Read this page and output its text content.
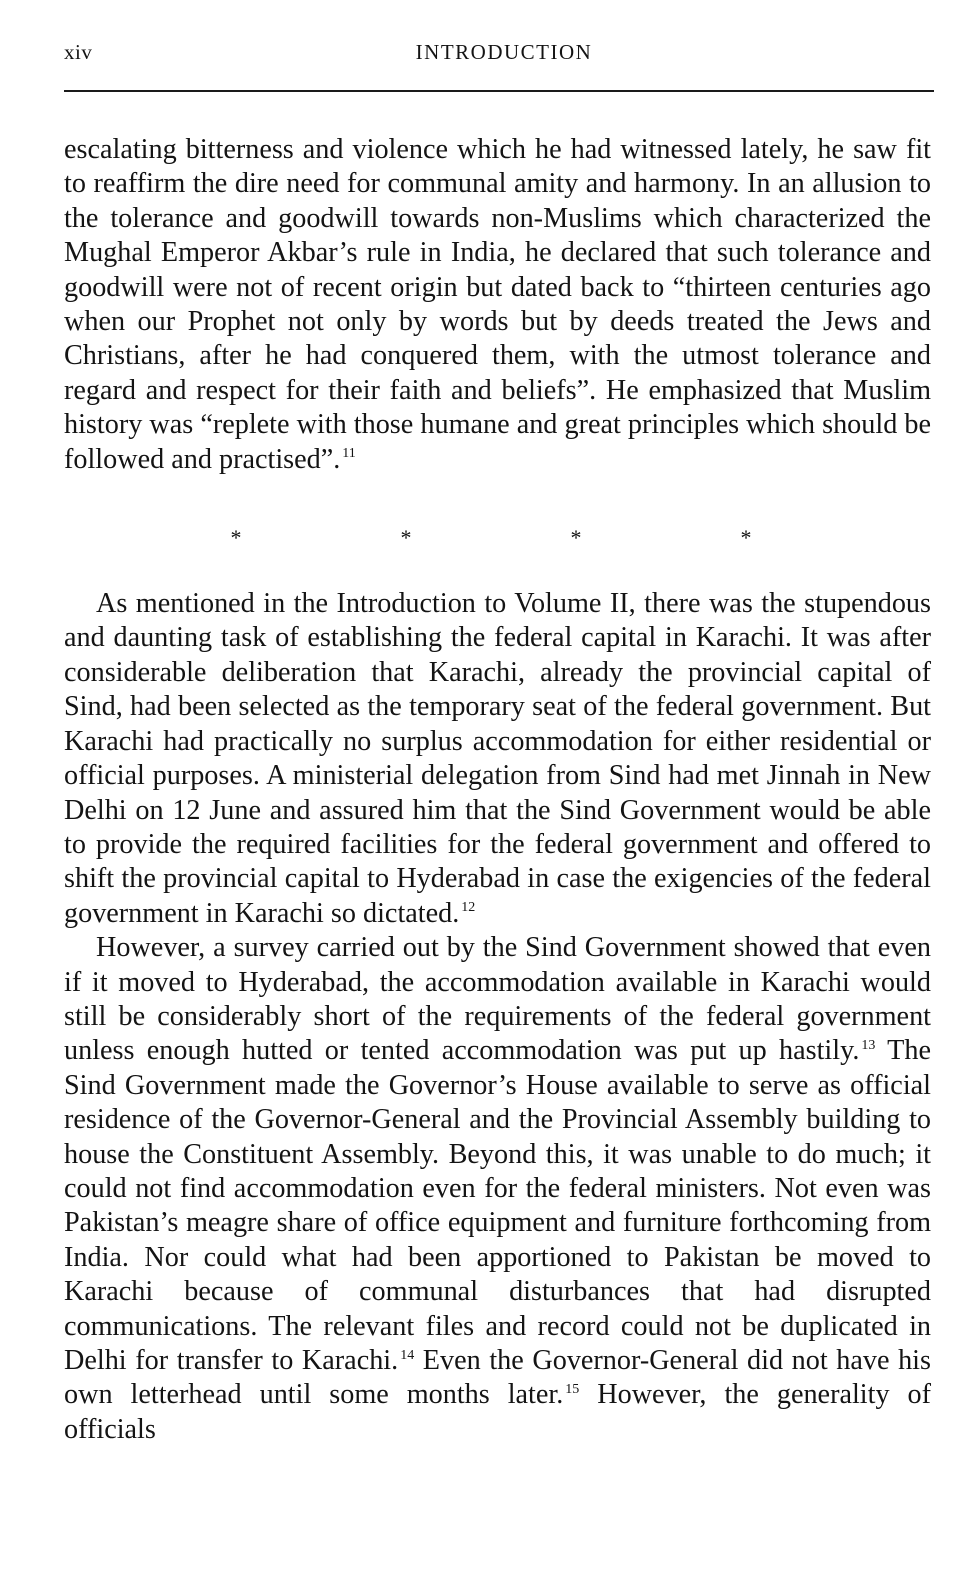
xiv	INTRODUCTION

escalating bitterness and violence which he had witnessed lately, he saw fit to reaffirm the dire need for communal amity and harmony. In an allusion to the tolerance and goodwill towards non-Muslims which characterized the Mughal Emperor Akbar’s rule in India, he declared that such tolerance and goodwill were not of recent origin but dated back to “thirteen centuries ago when our Prophet not only by words but by deeds treated the Jews and Christians, after he had conquered them, with the utmost tolerance and regard and respect for their faith and beliefs”. He emphasized that Muslim history was “replete with those humane and great principles which should be followed and practised”. $^{11}$

*	*	*	*

As mentioned in the Introduction to Volume II, there was the stupendous and daunting task of establishing the federal capital in Karachi. It was after considerable deliberation that Karachi, already the provincial capital of Sind, had been selected as the temporary seat of the federal government. But Karachi had practically no surplus accommodation for either residential or official purposes. A ministerial delegation from Sind had met Jinnah in New Delhi on 12 June and assured him that the Sind Government would be able to provide the required facilities for the federal government and offered to shift the provincial capital to Hyderabad in case the exigencies of the federal government in Karachi so dictated. $^{12}$

However, a survey carried out by the Sind Government showed that even if it moved to Hyderabad, the accommodation available in Karachi would still be considerably short of the requirements of the federal government unless enough hutted or tented accommodation was put up hastily. $^{13}$ The Sind Government made the Governor’s House available to serve as official residence of the Governor-General and the Provincial Assembly building to house the Constituent Assembly. Beyond this, it was unable to do much; it could not find accommodation even for the federal ministers. Not even was Pakistan’s meagre share of office equipment and furniture forthcoming from India. Nor could what had been apportioned to Pakistan be moved to Karachi because of communal disturbances that had disrupted communications. The relevant files and record could not be duplicated in Delhi for transfer to Karachi. $^{14}$ Even the Governor-General did not have his own letterhead until some months later. $^{15}$ However, the generality of officials
